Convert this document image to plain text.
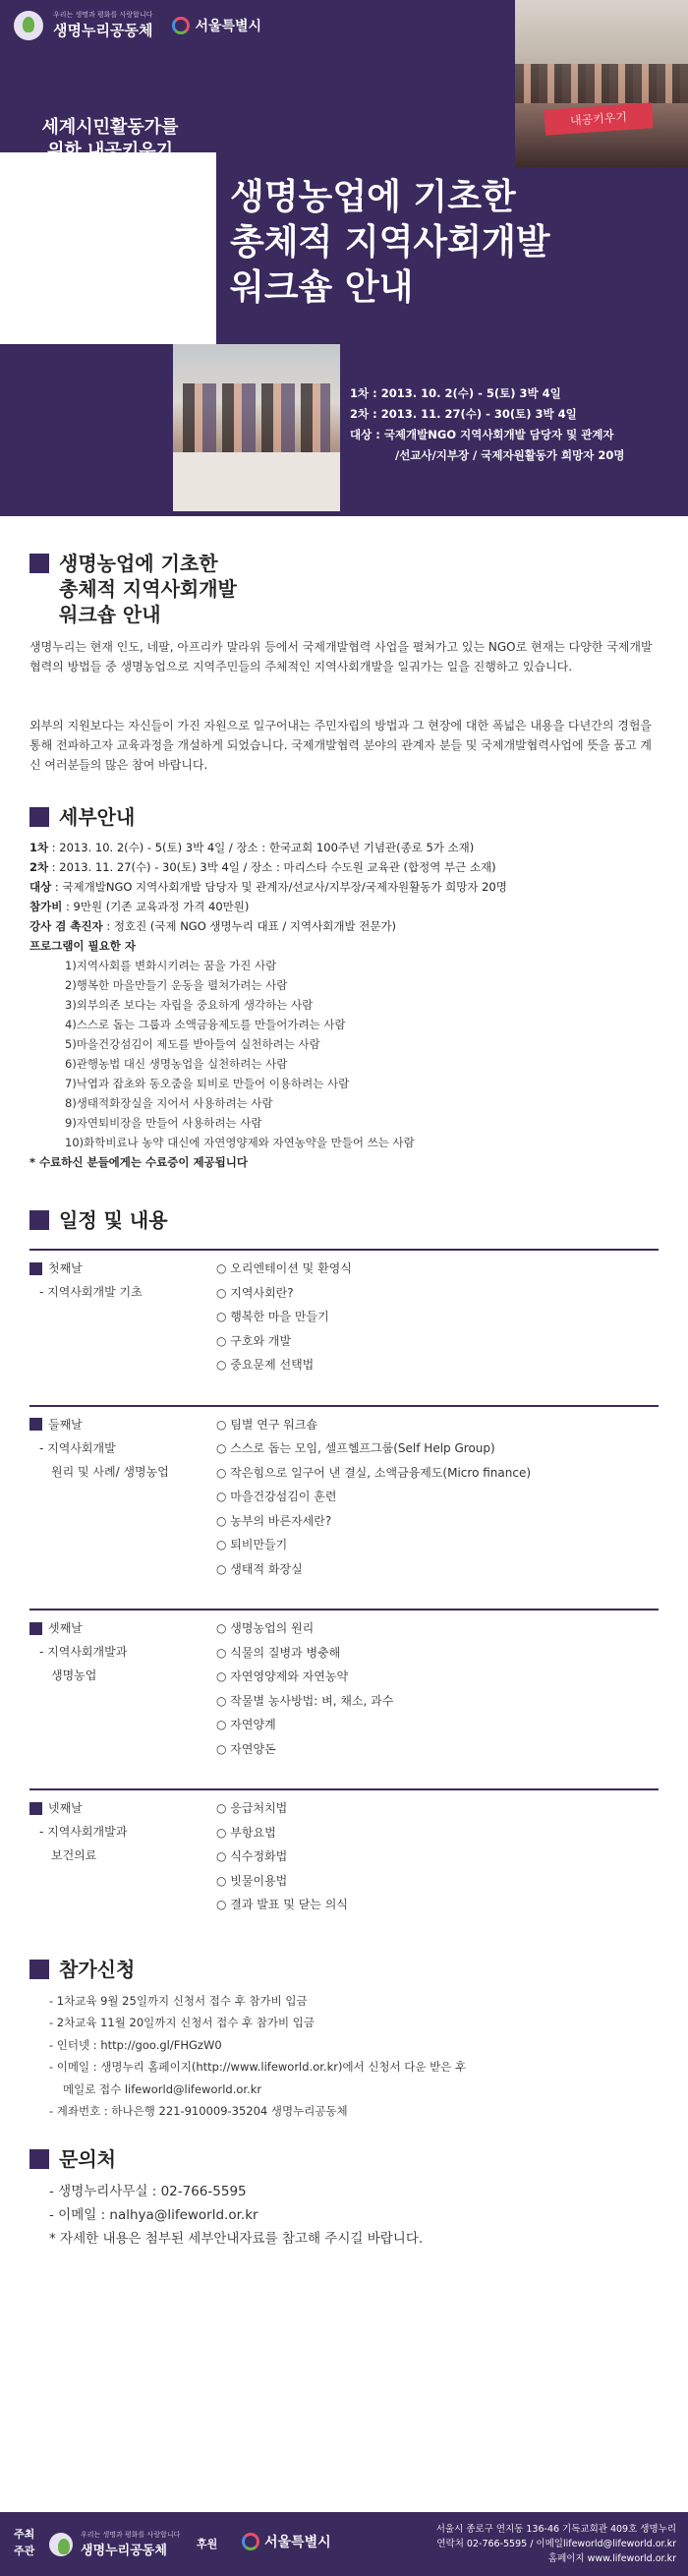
우리는 생명과 평화를 사랑합니다
생명누리공동체	서울특별시
내공키우기
세계시민활동가를
위한 내공키우기
생명농업에 기초한
총체적 지역사회개발
워크숍 안내
1차 : 2013. 10. 2(수) - 5(토) 3박 4일
2차 : 2013. 11. 27(수) - 30(토) 3박 4일
대상 : 국제개발NGO 지역사회개발 담당자 및 관계자
/선교사/지부장 / 국제자원활동가 희망자 20명
생명농업에 기초한
총체적 지역사회개발
워크숍 안내

생명누리는 현재 인도, 네팔, 아프리카 말라위 등에서 국제개발협력 사업을 펼쳐가고 있는 NGO로 현재는 다양한 국제개발협력의 방법들 중 생명농업으로 지역주민들의 주체적인 지역사회개발을 일궈가는 일을 진행하고 있습니다.

외부의 지원보다는 자신들이 가진 자원으로 일구어내는 주민자립의 방법과 그 현장에 대한 폭넓은 내용을 다년간의 경험을 통해 전파하고자 교육과정을 개설하게 되었습니다. 국제개발협력 분야의 관계자 분들 및 국제개발협력사업에 뜻을 품고 계신 여러분들의 많은 참여 바랍니다.

세부안내
1차 : 2013. 10. 2(수) - 5(토) 3박 4일 / 장소 : 한국교회 100주년 기념관(종로 5가 소재)
2차 : 2013. 11. 27(수) - 30(토) 3박 4일 / 장소 : 마리스타 수도원 교육관 (합정역 부근 소재)
대상 : 국제개발NGO 지역사회개발 담당자 및 관계자/선교사/지부장/국제자원활동가 희망자 20명
참가비 : 9만원 (기존 교육과정 가격 40만원)
강사 겸 촉진자 : 정호진 (국제 NGO 생명누리 대표 / 지역사회개발 전문가)
프로그램이 필요한 자
1)지역사회를 변화시키려는 꿈을 가진 사람
2)행복한 마을만들기 운동을 펼쳐가려는 사람
3)외부의존 보다는 자립을 중요하게 생각하는 사람
4)스스로 돕는 그룹과 소액금융제도를 만들어가려는 사람
5)마을건강섬김이 제도를 받아들여 실천하려는 사람
6)관행농법 대신 생명농업을 실천하려는 사람
7)낙엽과 잡초와 동오줌을 퇴비로 만들어 이용하려는 사람
8)생태적화장실을 지어서 사용하려는 사람
9)자연퇴비장을 만들어 사용하려는 사람
10)화학비료나 농약 대신에 자연영양제와 자연농약을 만들어 쓰는 사람
* 수료하신 분들에게는 수료증이 제공됩니다
일정 및 내용
첫째날
- 지역사회개발 기초
○ 오리엔테이션 및 환영식
○ 지역사회란?
○ 행복한 마을 만들기
○ 구호와 개발
○ 중요문제 선택법
둘째날
- 지역사회개발
원리 및 사례/ 생명농업
○ 팀별 연구 워크숍
○ 스스로 돕는 모임, 셀프헬프그룹(Self Help Group)
○ 작은힘으로 일구어 낸 결실, 소액금융제도(Micro finance)
○ 마을건강섬김이 훈련
○ 농부의 바른자세란?
○ 퇴비만들기
○ 생태적 화장실
셋째날
- 지역사회개발과
생명농업
○ 생명농업의 원리
○ 식물의 질병과 병충해
○ 자연영양제와 자연농약
○ 작물별 농사방법: 벼, 채소, 과수
○ 자연양계
○ 자연양돈
넷째날
- 지역사회개발과
보건의료
○ 응급처치법
○ 부항요법
○ 식수정화법
○ 빗물이용법
○ 결과 발표 및 닫는 의식
참가신청
- 1차교육 9월 25일까지 신청서 접수 후 참가비 입금
- 2차교육 11월 20일까지 신청서 접수 후 참가비 입금
- 인터넷 : http://goo.gl/FHGzW0
- 이메일 : 생명누리 홈페이지(http://www.lifeworld.or.kr)에서 신청서 다운 받은 후
메일로 접수 lifeworld@lifeworld.or.kr
- 계좌번호 : 하나은행 221-910009-35204 생명누리공동체
문의처
- 생명누리사무실 : 02-766-5595
- 이메일 : nalhya@lifeworld.or.kr
* 자세한 내용은 첨부된 세부안내자료를 참고해 주시길 바랍니다.
주최
주관
우리는 생명과 평화를 사랑합니다
생명누리공동체	후원	서울특별시
서울시 종로구 연지동 136-46 기독교회관 409호 생명누리
연락처 02-766-5595 / 이메일lifeworld@lifeworld.or.kr
홈페이지 www.lifeworld.or.kr
